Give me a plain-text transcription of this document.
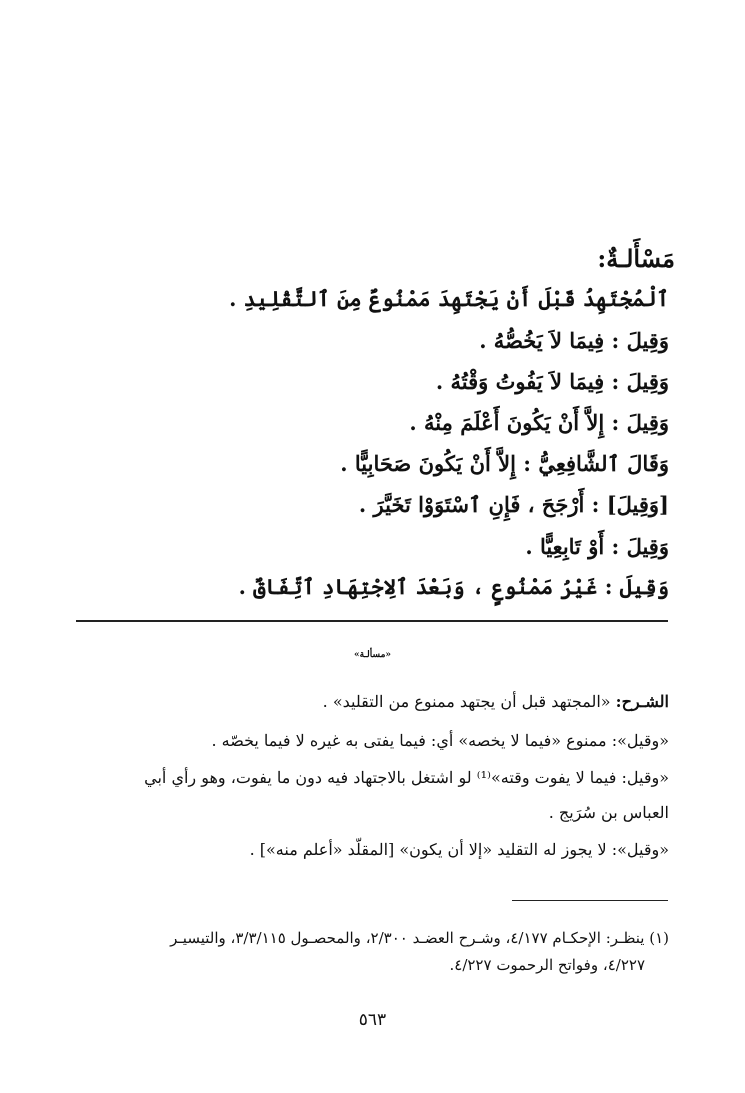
مَسْأَلـةٌ:
ٱلْمُجْتَهِدُ قَبْلَ أَنْ يَجْتَهِدَ مَمْنُوعٌ مِنَ ٱلتَّقْلِيدِ .
وَقِيلَ : فِيمَا لاَ يَخُصُّهُ .
وَقِيلَ : فِيمَا لاَ يَفُوتُ وَقْتُهُ .
وَقِيلَ : إِلاَّ أَنْ يَكُونَ أَعْلَمَ مِنْهُ .
وَقَالَ ٱلشَّافِعِيُّ : إِلاَّ أَنْ يَكُونَ صَحَابِيًّا .
[وَقِيلَ] : أَرْجَحَ ، فَإِنِ ٱسْتَوَوْا تَخَيَّرَ .
وَقِيلَ : أَوْ تَابِعِيًّا .
وَقِيلَ : غَيْرُ مَمْنُوعٍ ، وَبَعْدَ ٱلِاجْتِهَادِ ٱتِّفَاقٌ .
«مسألـة»
الشـرح: «المجتهد قبل أن يجتهد ممنوع من التقليد» .
«وقيل»: ممنوع «فيما لا يخصه» أي: فيما يفتى به غيره لا فيما يخصّه .
«وقيل: فيما لا يفوت وقته»⁽¹⁾ لو اشتغل بالاجتهاد فيه دون ما يفوت، وهو رأي أبي
العباس بن سُرَيج .
«وقيل»: لا يجوز له التقليد «إلا أن يكون» [المقلّد «أعلم منه»] .
(١) ينظـر: الإحكـام ٤/١٧٧، وشـرح العضـد ٢/٣٠٠، والمحصـول ٣/٣/١١٥، والتيسيـر
٤/٢٢٧، وفواتح الرحموت ٤/٢٢٧.
٥٦٣
